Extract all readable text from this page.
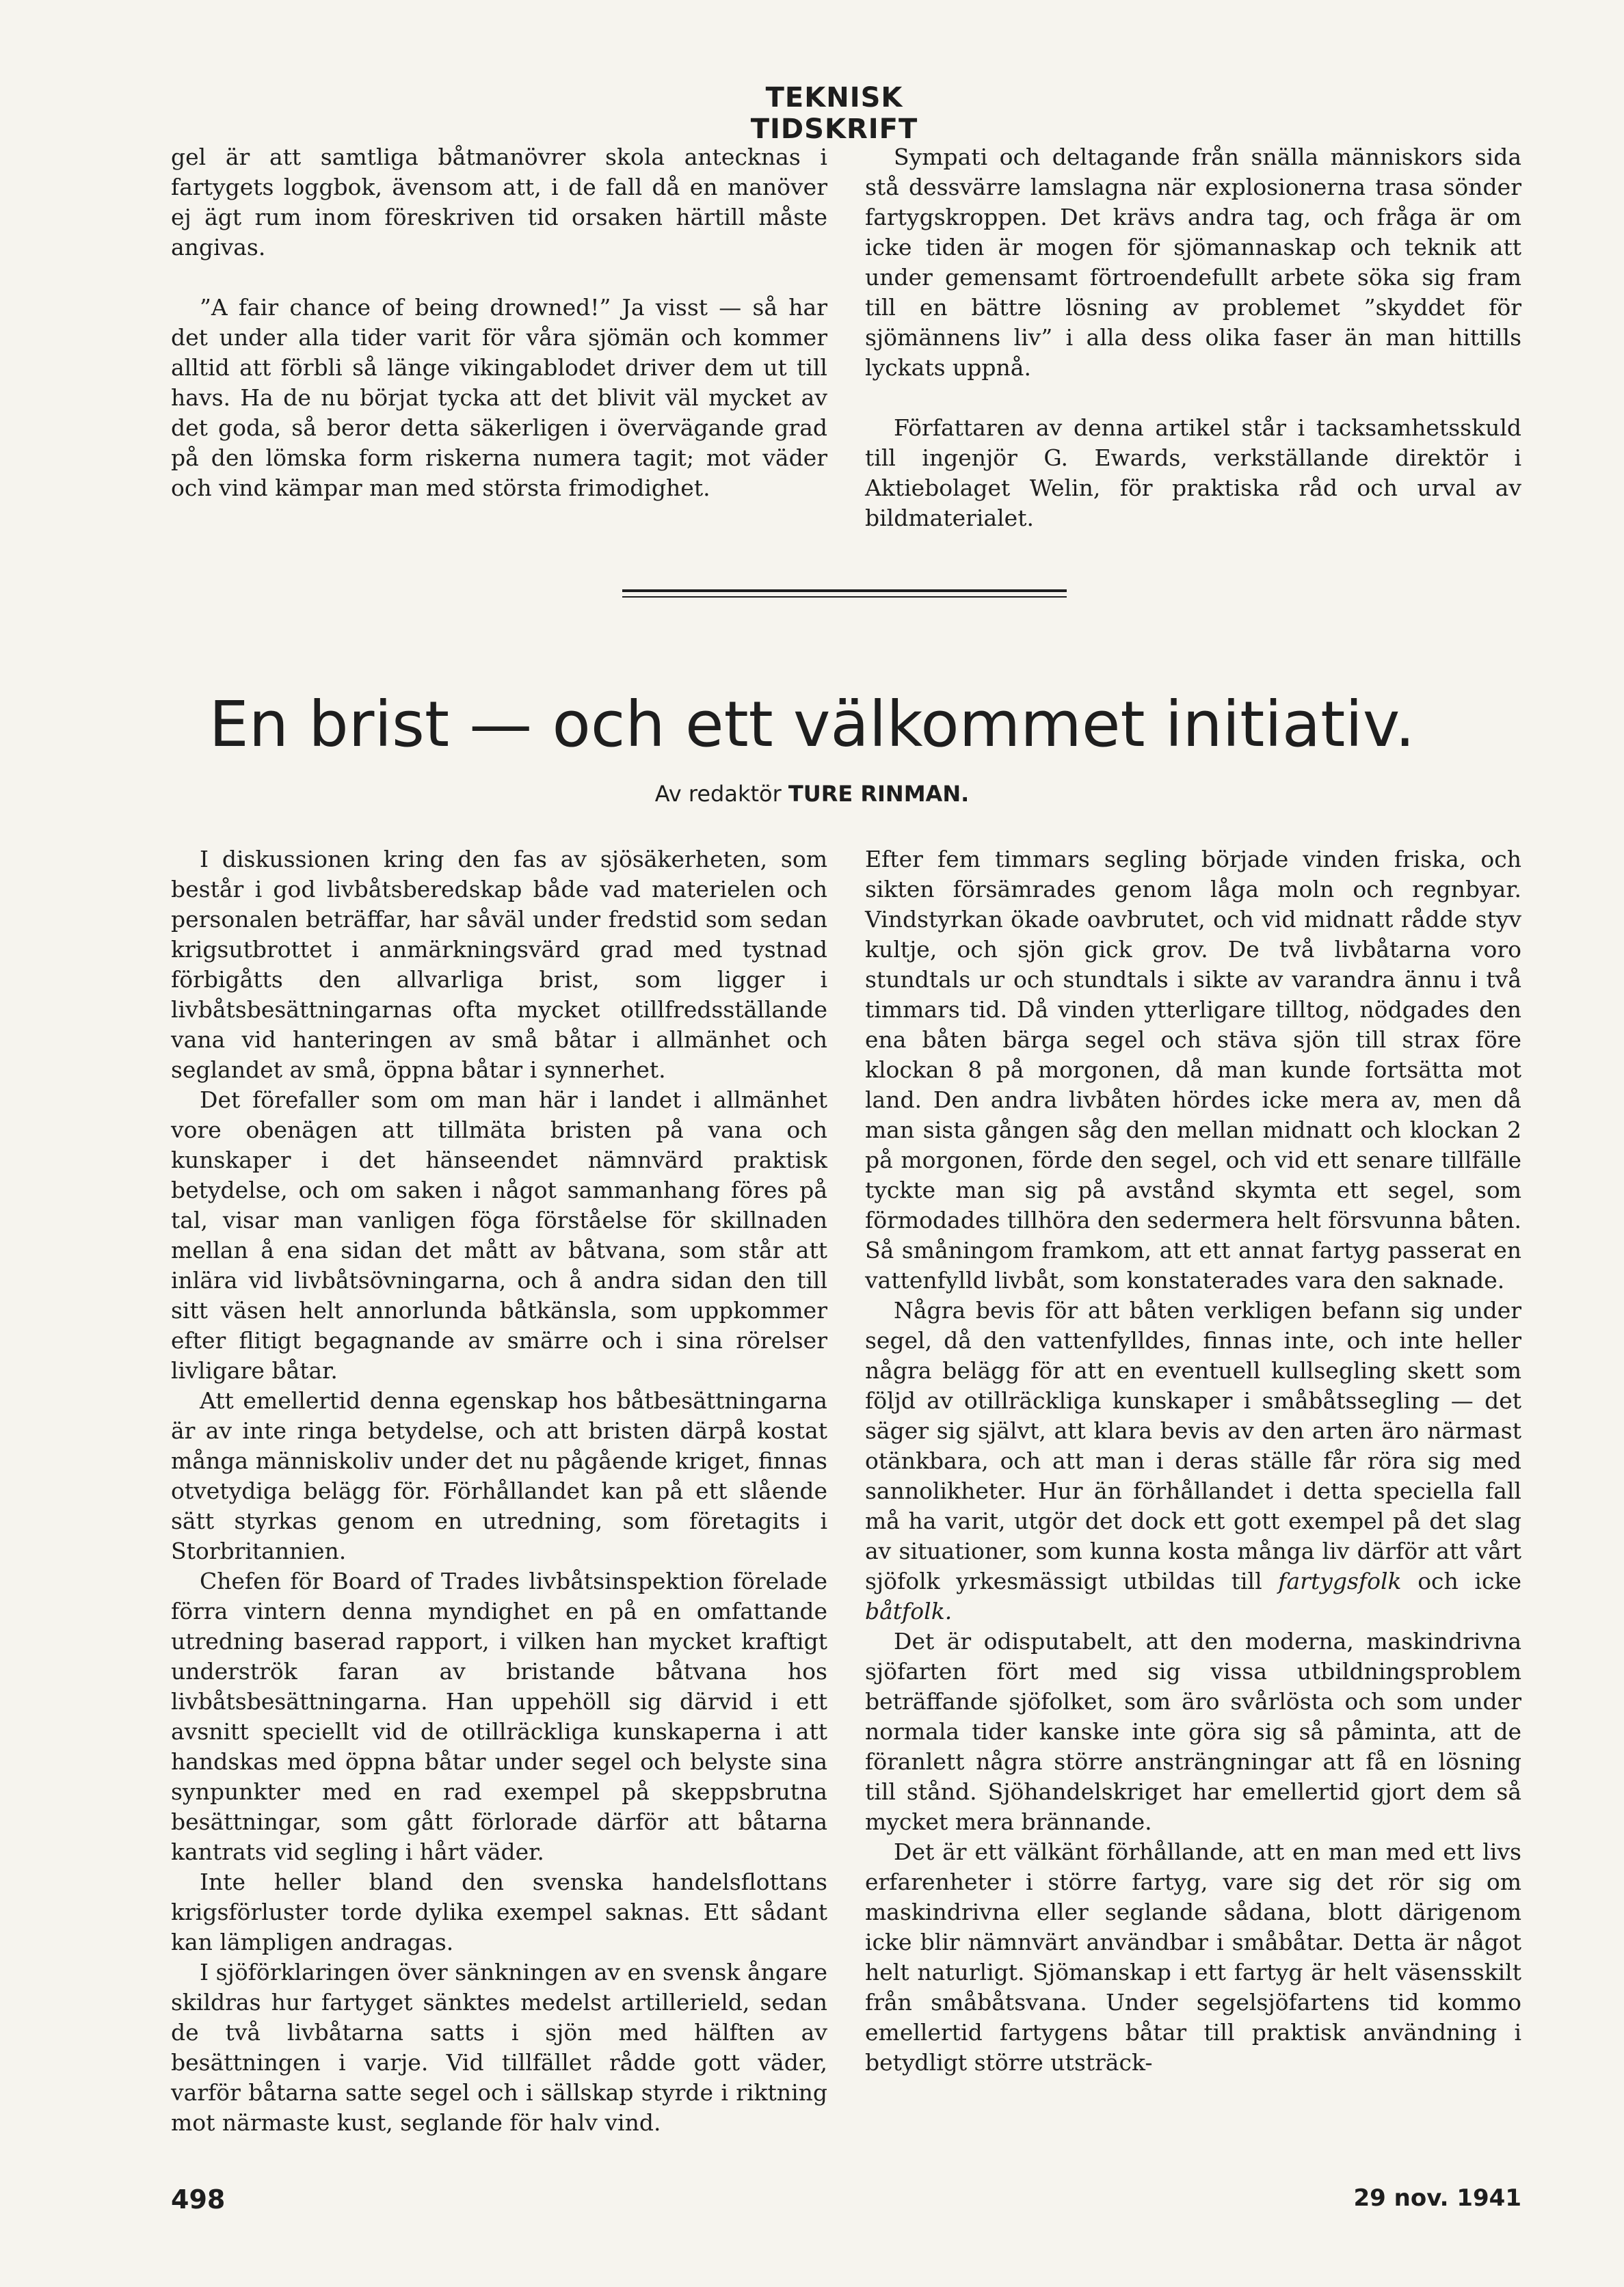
TEKNISK TIDSKRIFT

gel är att samtliga båtmanövrer skola antecknas i fartygets loggbok, ävensom att, i de fall då en manöver ej ägt rum inom föreskriven tid orsaken härtill måste angivas.

”A fair chance of being drowned!” Ja visst — så har det under alla tider varit för våra sjömän och kommer alltid att förbli så länge vikingablodet driver dem ut till havs. Ha de nu börjat tycka att det blivit väl mycket av det goda, så beror detta säkerligen i övervägande grad på den lömska form riskerna numera tagit; mot väder och vind kämpar man med största frimodighet.

Sympati och deltagande från snälla människors sida stå dessvärre lamslagna när explosionerna trasa sönder fartygskroppen. Det krävs andra tag, och fråga är om icke tiden är mogen för sjömannaskap och teknik att under gemensamt förtroendefullt arbete söka sig fram till en bättre lösning av problemet ”skyddet för sjömännens liv” i alla dess olika faser än man hittills lyckats uppnå.

Författaren av denna artikel står i tacksamhetsskuld till ingenjör G. Ewards, verkställande direktör i Aktiebolaget Welin, för praktiska råd och urval av bildmaterialet.

En brist — och ett välkommet initiativ.
Av redaktör TURE RINMAN.

I diskussionen kring den fas av sjösäkerheten, som består i god livbåtsberedskap både vad materielen och personalen beträffar, har såväl under fredstid som sedan krigsutbrottet i anmärkningsvärd grad med tystnad förbigåtts den allvarliga brist, som ligger i livbåtsbesättningarnas ofta mycket otillfredsställande vana vid hanteringen av små båtar i allmänhet och seglandet av små, öppna båtar i synnerhet.

Det förefaller som om man här i landet i allmänhet vore obenägen att tillmäta bristen på vana och kunskaper i det hänseendet nämnvärd praktisk betydelse, och om saken i något sammanhang föres på tal, visar man vanligen föga förståelse för skillnaden mellan å ena sidan det mått av båtvana, som står att inlära vid livbåtsövningarna, och å andra sidan den till sitt väsen helt annorlunda båtkänsla, som uppkommer efter flitigt begagnande av smärre och i sina rörelser livligare båtar.

Att emellertid denna egenskap hos båtbesättningarna är av inte ringa betydelse, och att bristen därpå kostat många människoliv under det nu pågående kriget, finnas otvetydiga belägg för. Förhållandet kan på ett slående sätt styrkas genom en utredning, som företagits i Storbritannien.

Chefen för Board of Trades livbåtsinspektion förelade förra vintern denna myndighet en på en omfattande utredning baserad rapport, i vilken han mycket kraftigt underströk faran av bristande båtvana hos livbåtsbesättningarna. Han uppehöll sig därvid i ett avsnitt speciellt vid de otillräckliga kunskaperna i att handskas med öppna båtar under segel och belyste sina synpunkter med en rad exempel på skeppsbrutna besättningar, som gått förlorade därför att båtarna kantrats vid segling i hårt väder.

Inte heller bland den svenska handelsflottans krigsförluster torde dylika exempel saknas. Ett sådant kan lämpligen andragas.

I sjöförklaringen över sänkningen av en svensk ångare skildras hur fartyget sänktes medelst artillerield, sedan de två livbåtarna satts i sjön med hälften av besättningen i varje. Vid tillfället rådde gott väder, varför båtarna satte segel och i sällskap styrde i riktning mot närmaste kust, seglande för halv vind.

Efter fem timmars segling började vinden friska, och sikten försämrades genom låga moln och regnbyar. Vindstyrkan ökade oavbrutet, och vid midnatt rådde styv kultje, och sjön gick grov. De två livbåtarna voro stundtals ur och stundtals i sikte av varandra ännu i två timmars tid. Då vinden ytterligare tilltog, nödgades den ena båten bärga segel och stäva sjön till strax före klockan 8 på morgonen, då man kunde fortsätta mot land. Den andra livbåten hördes icke mera av, men då man sista gången såg den mellan midnatt och klockan 2 på morgonen, förde den segel, och vid ett senare tillfälle tyckte man sig på avstånd skymta ett segel, som förmodades tillhöra den sedermera helt försvunna båten. Så småningom framkom, att ett annat fartyg passerat en vattenfylld livbåt, som konstaterades vara den saknade.

Några bevis för att båten verkligen befann sig under segel, då den vattenfylldes, finnas inte, och inte heller några belägg för att en eventuell kullsegling skett som följd av otillräckliga kunskaper i småbåtssegling — det säger sig självt, att klara bevis av den arten äro närmast otänkbara, och att man i deras ställe får röra sig med sannolikheter. Hur än förhållandet i detta speciella fall må ha varit, utgör det dock ett gott exempel på det slag av situationer, som kunna kosta många liv därför att vårt sjöfolk yrkesmässigt utbildas till fartygsfolk och icke båtfolk.

Det är odisputabelt, att den moderna, maskindrivna sjöfarten fört med sig vissa utbildningsproblem beträffande sjöfolket, som äro svårlösta och som under normala tider kanske inte göra sig så påminta, att de föranlett några större ansträngningar att få en lösning till stånd. Sjöhandelskriget har emellertid gjort dem så mycket mera brännande.

Det är ett välkänt förhållande, att en man med ett livs erfarenheter i större fartyg, vare sig det rör sig om maskindrivna eller seglande sådana, blott därigenom icke blir nämnvärt användbar i småbåtar. Detta är något helt naturligt. Sjömanskap i ett fartyg är helt väsensskilt från småbåtsvana. Under segelsjöfartens tid kommo emellertid fartygens båtar till praktisk användning i betydligt större utsträck-

498	29 nov. 1941
